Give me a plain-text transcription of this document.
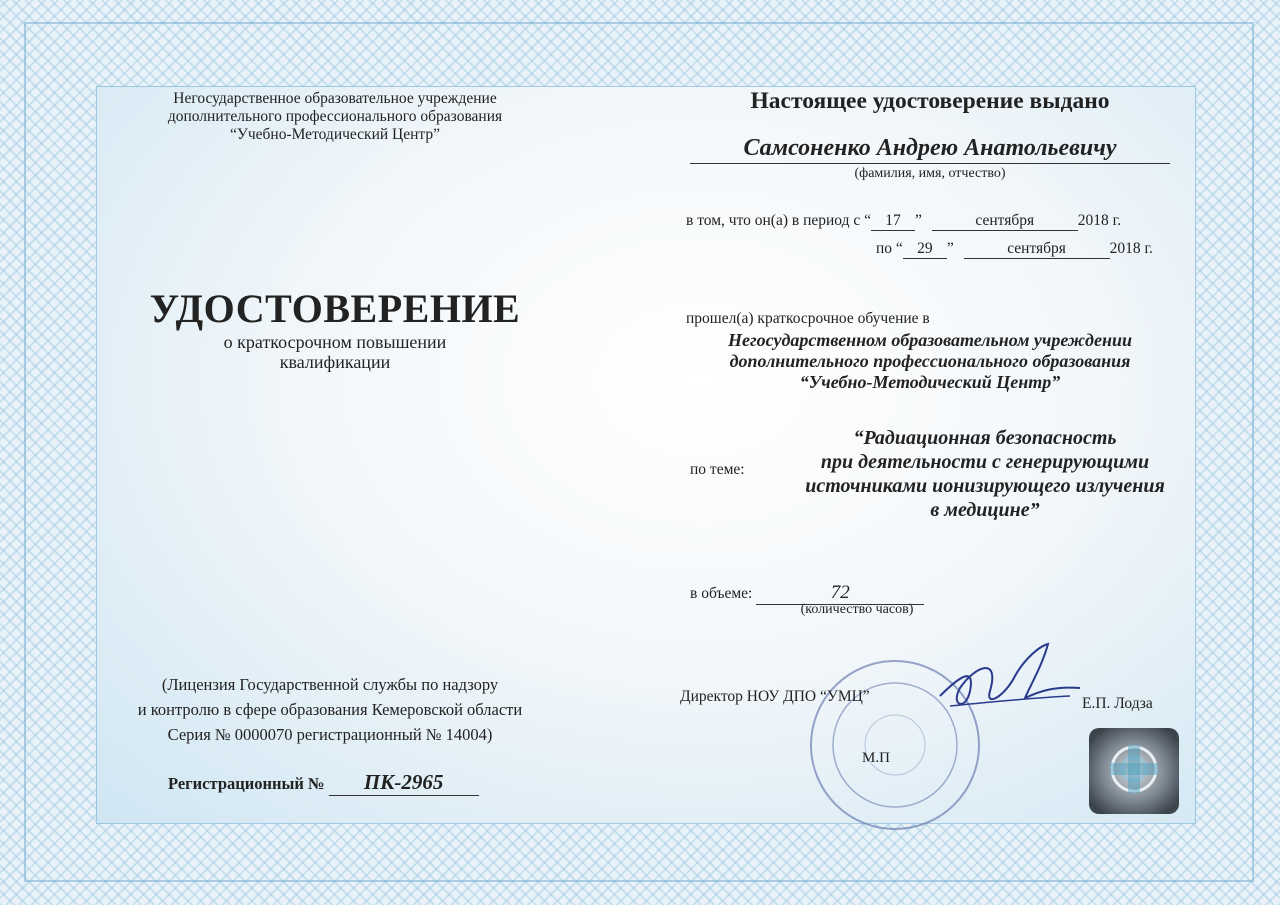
Негосударственное образовательное учреждение
дополнительного профессионального образования
“Учебно-Методический Центр”
УДОСТОВЕРЕНИЕ
о краткосрочном повышении
квалификации
(Лицензия Государственной службы по надзору
и контролю в сфере образования Кемеровской области
Серия № 0000070 регистрационный № 14004)
Регистрационный № ПК-2965
Настоящее удостоверение выдано
Самсоненко Андрею Анатольевичу
(фамилия, имя, отчество)
в том, что он(а) в период с “ 17 ”	сентября	2018 г.
по “ 29 ”	сентября	2018 г.
прошел(а) краткосрочное обучение в
Негосударственном образовательном учреждении
дополнительного профессионального образования
“Учебно-Методический Центр”
по теме:
“Радиационная безопасность
при деятельности с генерирующими
источниками ионизирующего излучения
в медицине”
в объеме:	72
(количество часов)
Директор НОУ ДПО “УМЦ”	Е.П. Лодза
М.П
